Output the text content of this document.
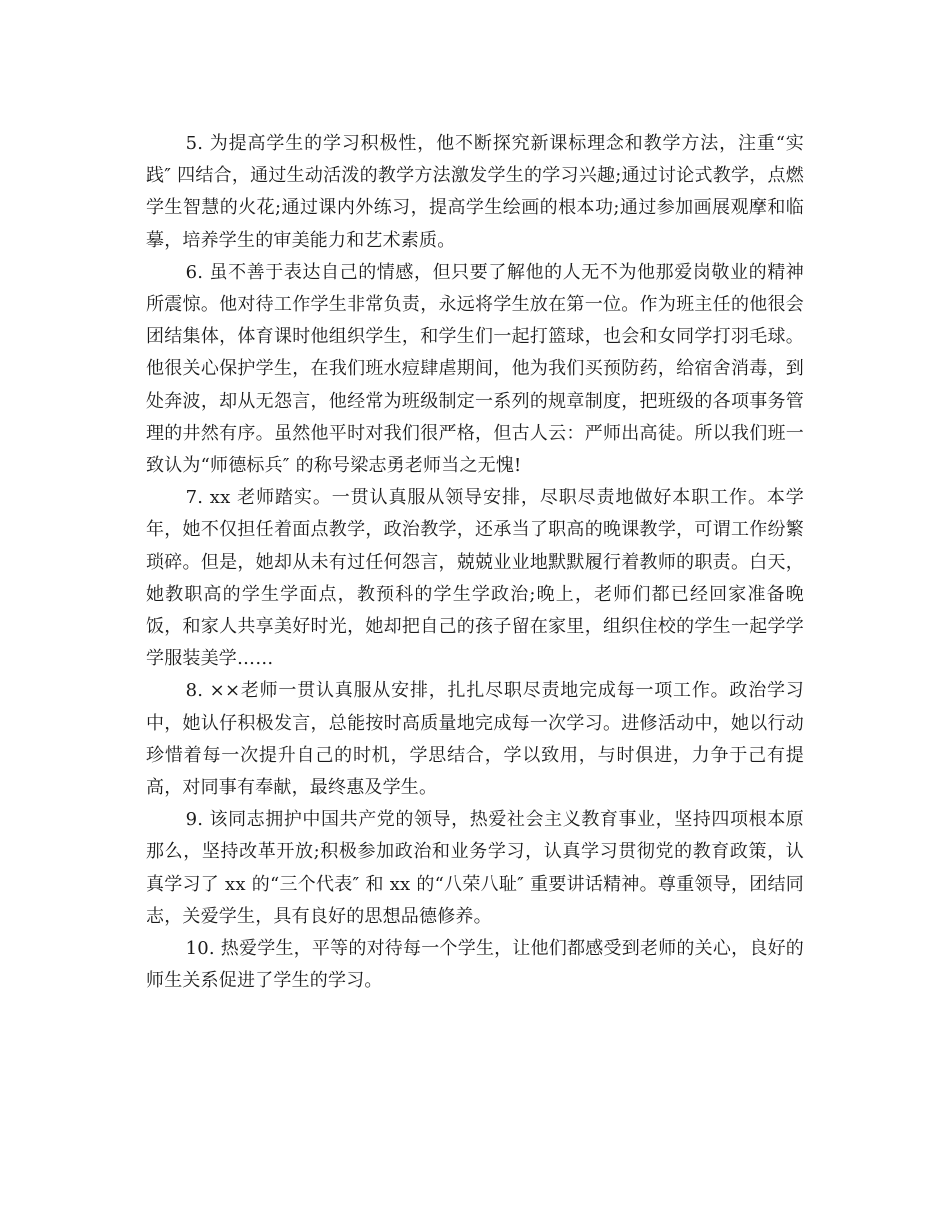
5. 为提高学生的学习积极性，他不断探究新课标理念和教学方法，注重“实践″ 四结合，通过生动活泼的教学方法激发学生的学习兴趣;通过讨论式教学，点燃学生智慧的火花;通过课内外练习，提高学生绘画的根本功;通过参加画展观摩和临摹，培养学生的审美能力和艺术素质。

6. 虽不善于表达自己的情感，但只要了解他的人无不为他那爱岗敬业的精神所震惊。他对待工作学生非常负责，永远将学生放在第一位。作为班主任的他很会团结集体，体育课时他组织学生，和学生们一起打篮球，也会和女同学打羽毛球。他很关心保护学生，在我们班水痘肆虐期间，他为我们买预防药，给宿舍消毒，到处奔波，却从无怨言，他经常为班级制定一系列的规章制度，把班级的各项事务管理的井然有序。虽然他平时对我们很严格，但古人云：严师出高徒。所以我们班一致认为“师德标兵″ 的称号梁志勇老师当之无愧!

7. xx 老师踏实。一贯认真服从领导安排，尽职尽责地做好本职工作。本学年，她不仅担任着面点教学，政治教学，还承当了职高的晚课教学，可谓工作纷繁琐碎。但是，她却从未有过任何怨言，兢兢业业地默默履行着教师的职责。白天，她教职高的学生学面点，教预科的学生学政治;晚上，老师们都已经回家准备晚饭，和家人共享美好时光，她却把自己的孩子留在家里，组织住校的学生一起学学学服装美学……

8. ××老师一贯认真服从安排，扎扎尽职尽责地完成每一项工作。政治学习中，她认仔积极发言，总能按时高质量地完成每一次学习。进修活动中，她以行动珍惜着每一次提升自己的时机，学思结合，学以致用，与时俱进，力争于己有提高，对同事有奉献，最终惠及学生。

9. 该同志拥护中国共产党的领导，热爱社会主义教育事业，坚持四项根本原那么，坚持改革开放;积极参加政治和业务学习，认真学习贯彻党的教育政策，认真学习了 xx 的“三个代表″ 和 xx 的“八荣八耻″ 重要讲话精神。尊重领导，团结同志，关爱学生，具有良好的思想品德修养。

10. 热爱学生，平等的对待每一个学生，让他们都感受到老师的关心，良好的师生关系促进了学生的学习。
